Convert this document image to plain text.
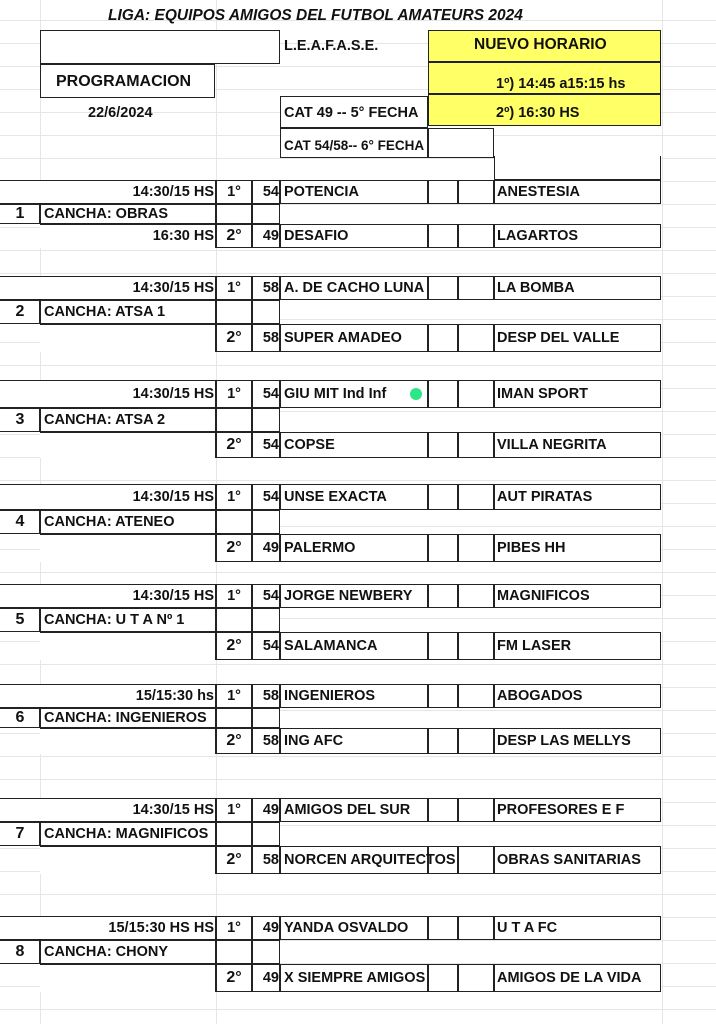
LIGA: EQUIPOS AMIGOS DEL FUTBOL AMATEURS 2024
L.E.A.F.A.S.E.	NUEVO HORARIO
PROGRAMACION	1º) 14:45 a15:15 hs
2º) 16:30 HS
22/6/2024	CAT 49 -- 5° FECHA
CAT 54/58-- 6° FECHA
14:30/15 HS 1°	54 POTENCIA	ANESTESIA
1	CANCHA: OBRAS
16:30 HS 2°	49 DESAFIO	LAGARTOS
14:30/15 HS 1°	58 A. DE CACHO LUNA	LA BOMBA
2	CANCHA: ATSA 1
2°	58 SUPER AMADEO	DESP DEL VALLE
14:30/15 HS 1°	54 GIU MIT Ind Inf	IMAN SPORT
3	CANCHA: ATSA 2
2°	54 COPSE	VILLA NEGRITA
14:30/15 HS 1°	54 UNSE EXACTA	AUT PIRATAS
4	CANCHA: ATENEO
2°	49 PALERMO	PIBES HH
14:30/15 HS 1°	54 JORGE NEWBERY	MAGNIFICOS
5	CANCHA: U T A Nº 1
2°	54 SALAMANCA	FM LASER
15/15:30 hs 1°	58 INGENIEROS	ABOGADOS
6	CANCHA: INGENIEROS
2°	58 ING AFC	DESP LAS MELLYS
14:30/15 HS 1°	49 AMIGOS DEL SUR	PROFESORES E F
7	CANCHA: MAGNIFICOS
2°	58 NORCEN ARQUITECTOS	OBRAS SANITARIAS
15/15:30 HS HS 1°	49 YANDA OSVALDO	U T A FC
8	CANCHA: CHONY
2°	49 X SIEMPRE AMIGOS	AMIGOS DE LA VIDA
